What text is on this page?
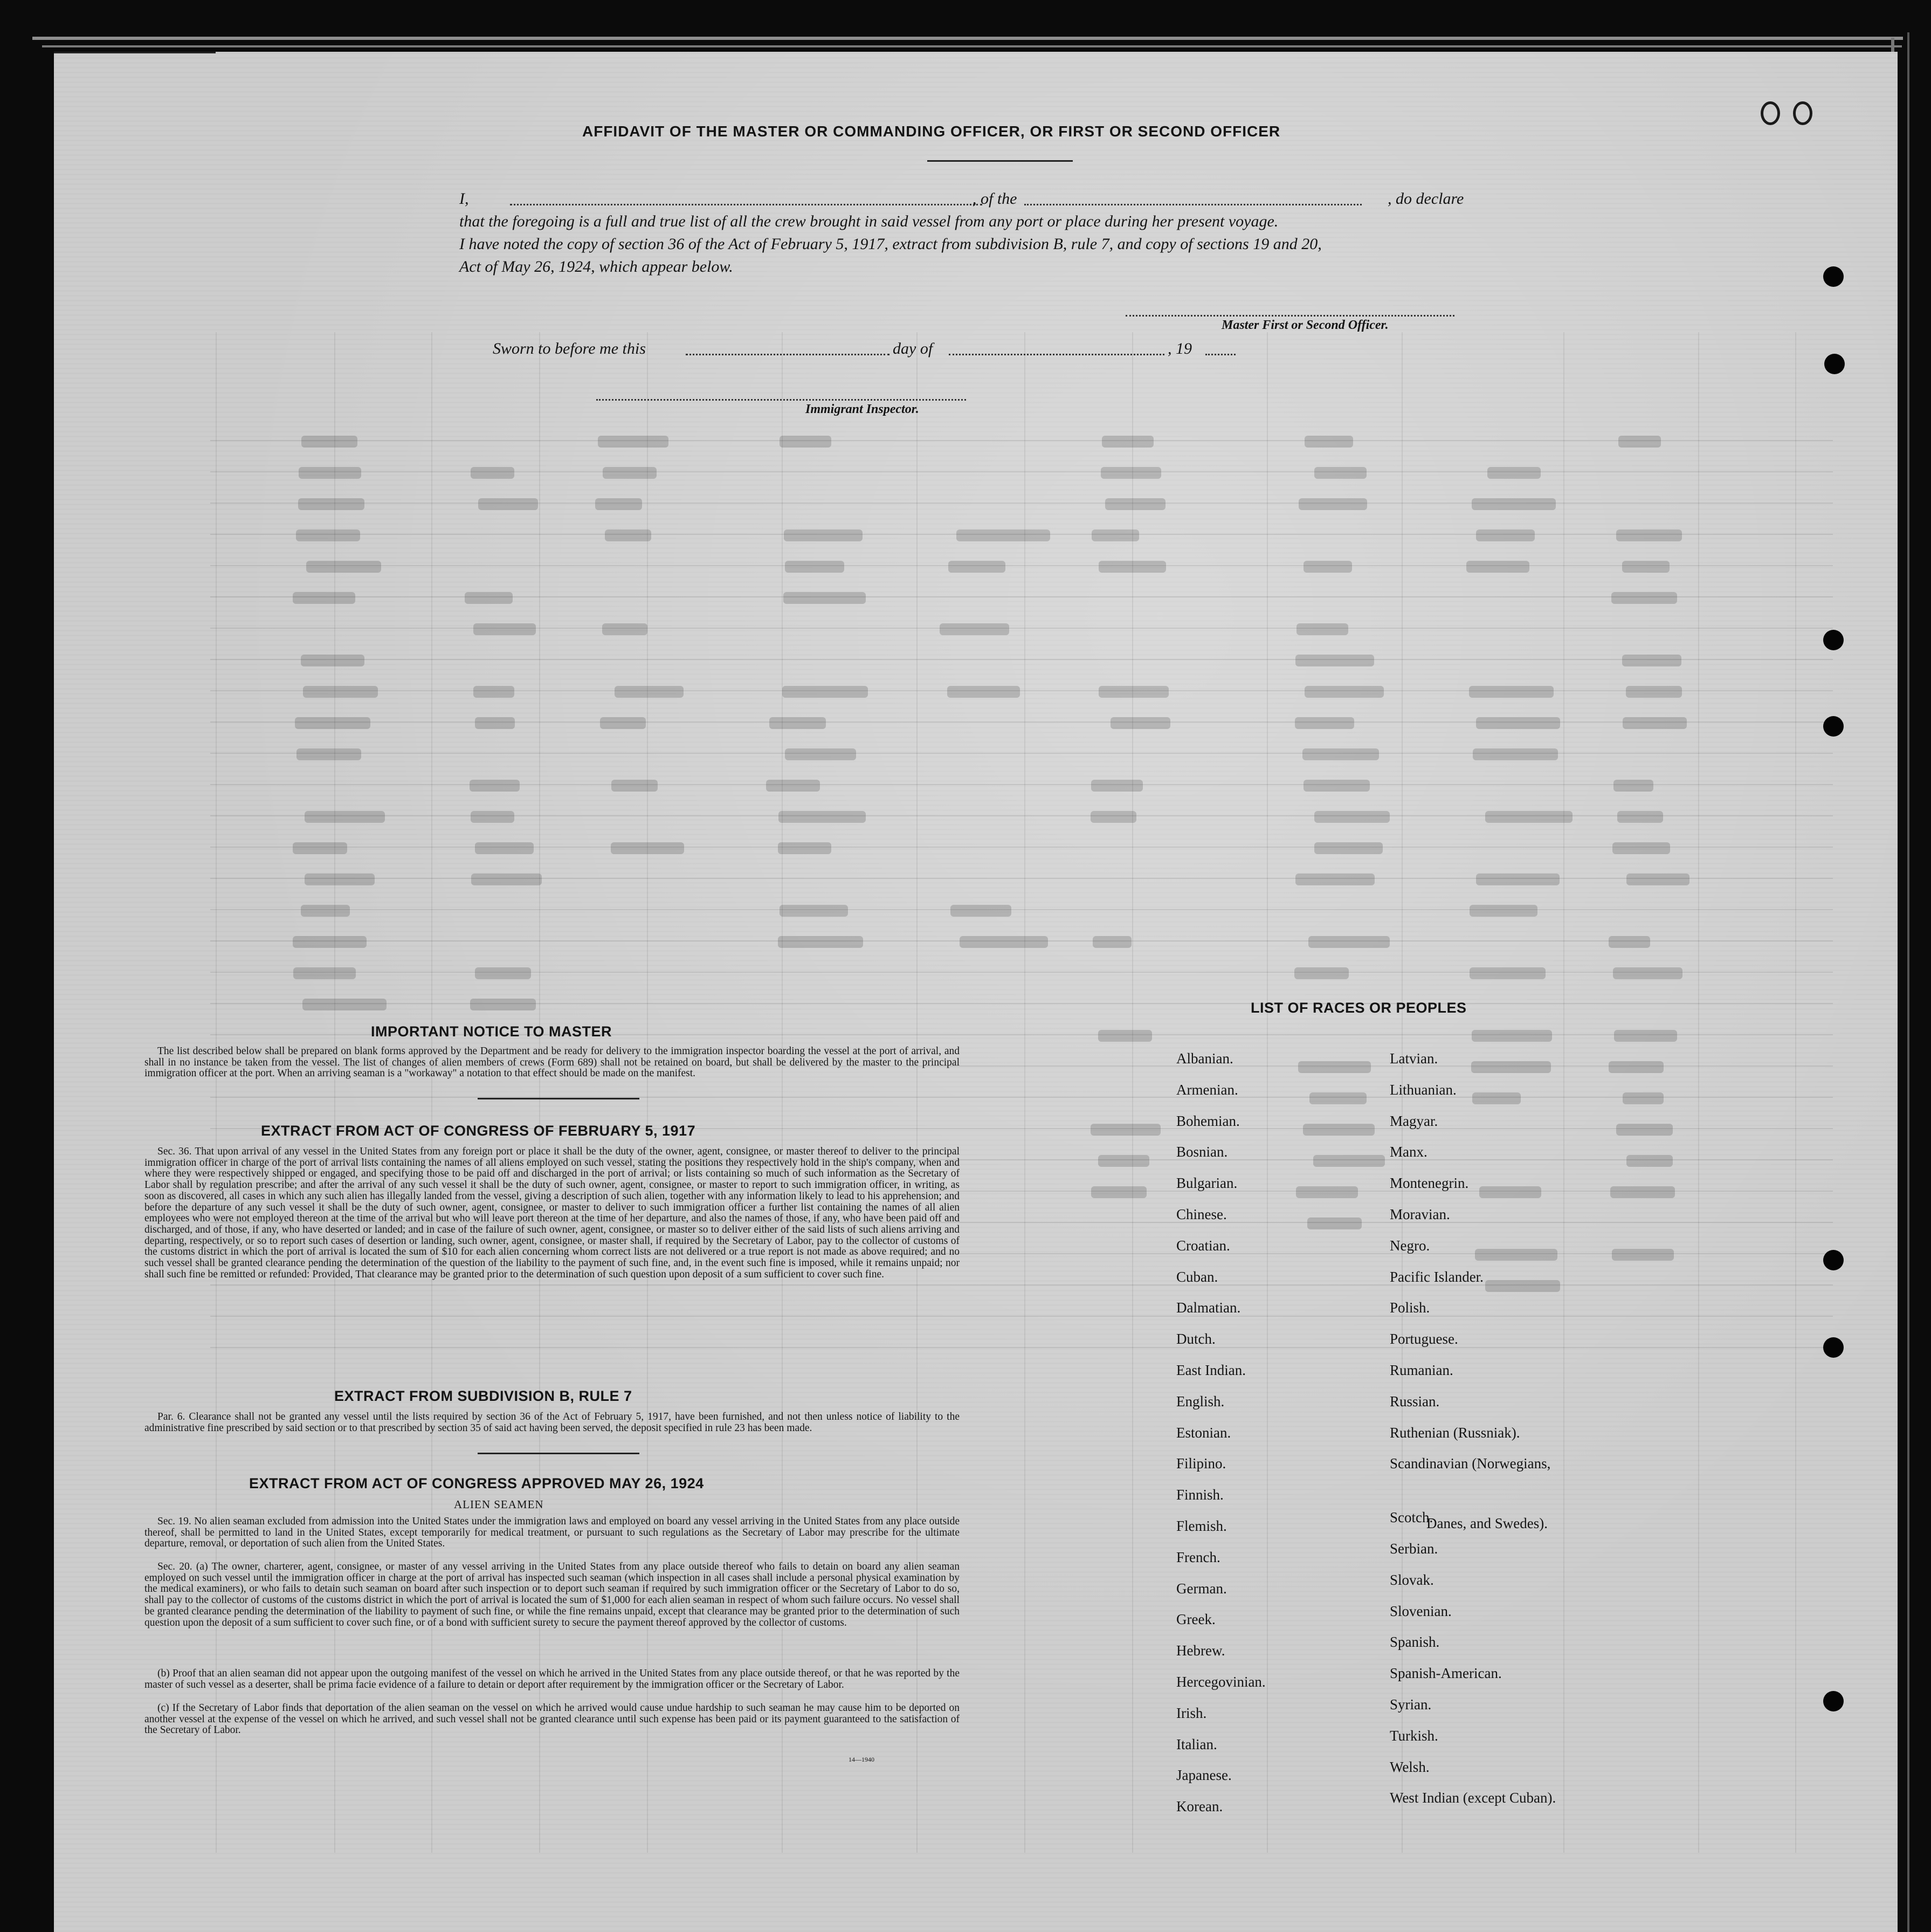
AFFIDAVIT OF THE MASTER OR COMMANDING OFFICER, OR FIRST OR SECOND OFFICER
I,	, of the	, do declare
that the foregoing is a full and true list of all the crew brought in said vessel from any port or place during her present voyage.
I have noted the copy of section 36 of the Act of February 5, 1917, extract from subdivision B, rule 7, and copy of sections 19 and 20,
Act of May 26, 1924, which appear below.
Master First or Second Officer.
Sworn to before me this	day of	, 19
Immigrant Inspector.
IMPORTANT NOTICE TO MASTER
The list described below shall be prepared on blank forms approved by the Department and be ready for delivery to the immigration inspector boarding the vessel at the port of arrival, and shall in no instance be taken from the vessel. The list of changes of alien members of crews (Form 689) shall not be retained on board, but shall be delivered by the master to the principal immigration officer at the port. When an arriving seaman is a "workaway" a notation to that effect should be made on the manifest.
EXTRACT FROM ACT OF CONGRESS OF FEBRUARY 5, 1917
Sec. 36. That upon arrival of any vessel in the United States from any foreign port or place it shall be the duty of the owner, agent, consignee, or master thereof to deliver to the principal immigration officer in charge of the port of arrival lists containing the names of all aliens employed on such vessel, stating the positions they respectively hold in the ship's company, when and where they were respectively shipped or engaged, and specifying those to be paid off and discharged in the port of arrival; or lists containing so much of such information as the Secretary of Labor shall by regulation prescribe; and after the arrival of any such vessel it shall be the duty of such owner, agent, consignee, or master to report to such immigration officer, in writing, as soon as discovered, all cases in which any such alien has illegally landed from the vessel, giving a description of such alien, together with any information likely to lead to his apprehension; and before the departure of any such vessel it shall be the duty of such owner, agent, consignee, or master to deliver to such immigration officer a further list containing the names of all alien employees who were not employed thereon at the time of the arrival but who will leave port thereon at the time of her departure, and also the names of those, if any, who have been paid off and discharged, and of those, if any, who have deserted or landed; and in case of the failure of such owner, agent, consignee, or master so to deliver either of the said lists of such aliens arriving and departing, respectively, or so to report such cases of desertion or landing, such owner, agent, consignee, or master shall, if required by the Secretary of Labor, pay to the collector of customs of the customs district in which the port of arrival is located the sum of $10 for each alien concerning whom correct lists are not delivered or a true report is not made as above required; and no such vessel shall be granted clearance pending the determination of the question of the liability to the payment of such fine, and, in the event such fine is imposed, while it remains unpaid; nor shall such fine be remitted or refunded: Provided, That clearance may be granted prior to the determination of such question upon deposit of a sum sufficient to cover such fine.
EXTRACT FROM SUBDIVISION B, RULE 7
Par. 6. Clearance shall not be granted any vessel until the lists required by section 36 of the Act of February 5, 1917, have been furnished, and not then unless notice of liability to the administrative fine prescribed by said section or to that prescribed by section 35 of said act having been served, the deposit specified in rule 23 has been made.
EXTRACT FROM ACT OF CONGRESS APPROVED MAY 26, 1924
ALIEN SEAMEN
Sec. 19. No alien seaman excluded from admission into the United States under the immigration laws and employed on board any vessel arriving in the United States from any place outside thereof, shall be permitted to land in the United States, except temporarily for medical treatment, or pursuant to such regulations as the Secretary of Labor may prescribe for the ultimate departure, removal, or deportation of such alien from the United States.
Sec. 20. (a) The owner, charterer, agent, consignee, or master of any vessel arriving in the United States from any place outside thereof who fails to detain on board any alien seaman employed on such vessel until the immigration officer in charge at the port of arrival has inspected such seaman (which inspection in all cases shall include a personal physical examination by the medical examiners), or who fails to detain such seaman on board after such inspection or to deport such seaman if required by such immigration officer or the Secretary of Labor to do so, shall pay to the collector of customs of the customs district in which the port of arrival is located the sum of $1,000 for each alien seaman in respect of whom such failure occurs. No vessel shall be granted clearance pending the determination of the liability to payment of such fine, or while the fine remains unpaid, except that clearance may be granted prior to the determination of such question upon the deposit of a sum sufficient to cover such fine, or of a bond with sufficient surety to secure the payment thereof approved by the collector of customs.
(b) Proof that an alien seaman did not appear upon the outgoing manifest of the vessel on which he arrived in the United States from any place outside thereof, or that he was reported by the master of such vessel as a deserter, shall be prima facie evidence of a failure to detain or deport after requirement by the immigration officer or the Secretary of Labor.
(c) If the Secretary of Labor finds that deportation of the alien seaman on the vessel on which he arrived would cause undue hardship to such seaman he may cause him to be deported on another vessel at the expense of the vessel on which he arrived, and such vessel shall not be granted clearance until such expense has been paid or its payment guaranteed to the satisfaction of the Secretary of Labor.
14—1940
LIST OF RACES OR PEOPLES
Danes, and Swedes).
Albanian.
Armenian.
Bohemian.
Bosnian.
Bulgarian.
Chinese.
Croatian.
Cuban.
Dalmatian.
Dutch.
East Indian.
English.
Estonian.
Filipino.
Finnish.
Flemish.
French.
German.
Greek.
Hebrew.
Hercegovinian.
Irish.
Italian.
Japanese.
Korean.
Latvian.
Lithuanian.
Magyar.
Manx.
Montenegrin.
Moravian.
Negro.
Pacific Islander.
Polish.
Portuguese.
Rumanian.
Russian.
Ruthenian (Russniak).
Scandinavian (Norwegians,
Scotch.
Serbian.
Slovak.
Slovenian.
Spanish.
Spanish-American.
Syrian.
Turkish.
Welsh.
West Indian (except Cuban).
